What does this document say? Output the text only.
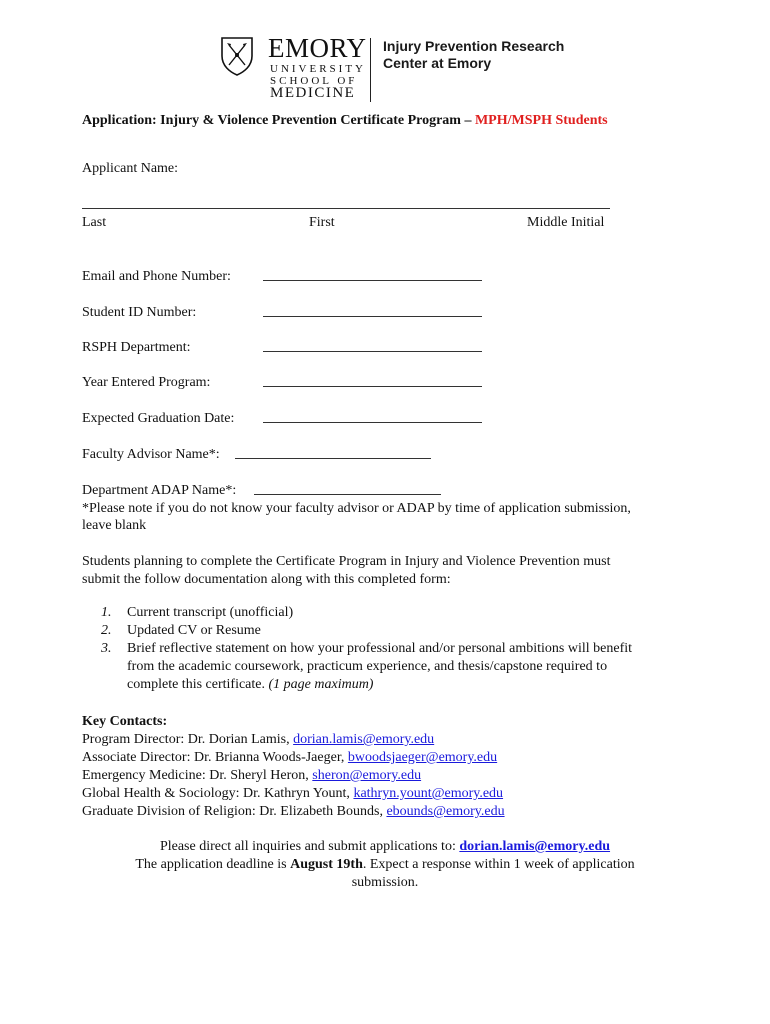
EMORY
UNIVERSITY
SCHOOL OF
MEDICINE
Injury Prevention Research
Center at Emory
Application: Injury & Violence Prevention Certificate Program – MPH/MSPH Students
Applicant Name:
Last	First	Middle Initial
Email and Phone Number:
Student ID Number:
RSPH Department:
Year Entered Program:
Expected Graduation Date:
Faculty Advisor Name*:
Department ADAP Name*:
*Please note if you do not know your faculty advisor or ADAP by time of application submission,
leave blank
Students planning to complete the Certificate Program in Injury and Violence Prevention must
submit the follow documentation along with this completed form:
1. Current transcript (unofficial)
2. Updated CV or Resume
3. Brief reflective statement on how your professional and/or personal ambitions will benefit
from the academic coursework, practicum experience, and thesis/capstone required to
complete this certificate. (1 page maximum)
Key Contacts:
Program Director: Dr. Dorian Lamis, dorian.lamis@emory.edu
Associate Director: Dr. Brianna Woods-Jaeger, bwoodsjaeger@emory.edu
Emergency Medicine: Dr. Sheryl Heron, sheron@emory.edu
Global Health & Sociology: Dr. Kathryn Yount, kathryn.yount@emory.edu
Graduate Division of Religion: Dr. Elizabeth Bounds, ebounds@emory.edu
Please direct all inquiries and submit applications to: dorian.lamis@emory.edu
The application deadline is August 19th. Expect a response within 1 week of application
submission.
